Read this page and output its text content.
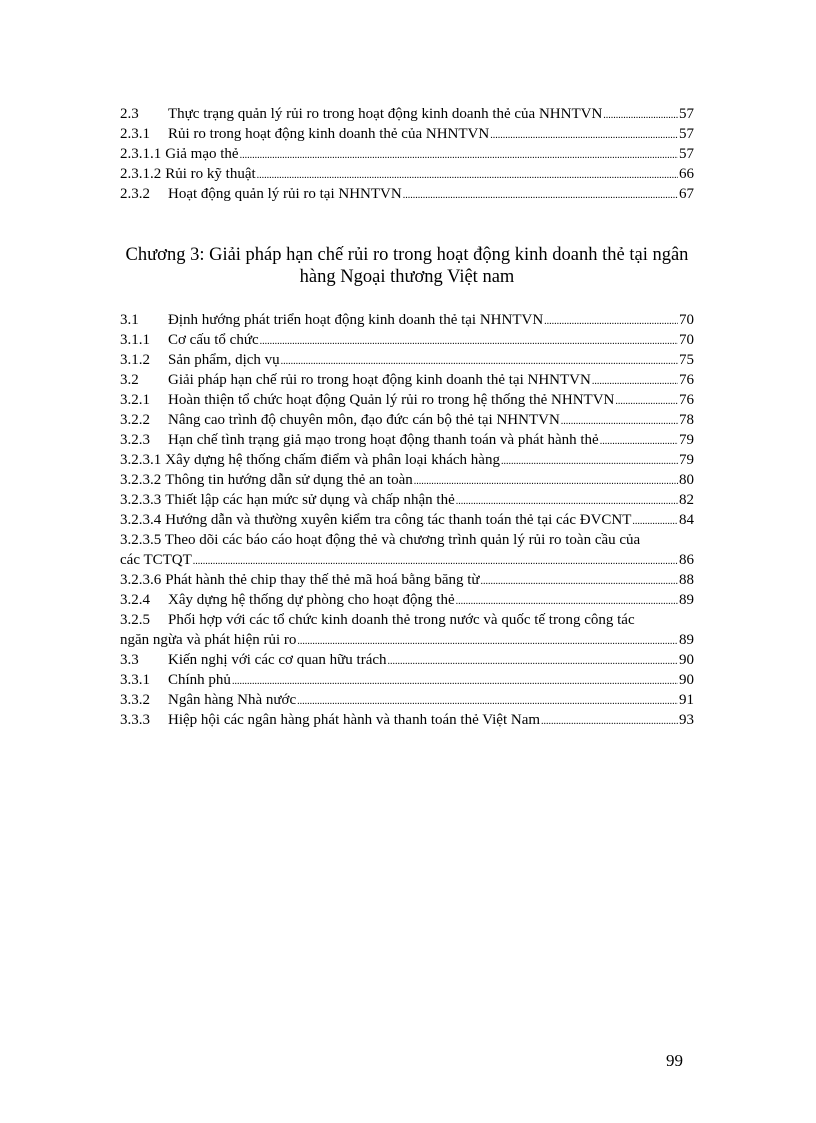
2.3	Thực trạng quản lý rủi ro trong hoạt động kinh doanh thẻ của NHNTVN .....	57
2.3.1	Rủi ro trong hoạt động kinh doanh thẻ của NHNTVN .....	57
2.3.1.1 Giả mạo thẻ .....	57
2.3.1.2 Rủi ro kỹ thuật .....	66
2.3.2	Hoạt động quản lý rủi ro tại NHNTVN .....	67
Chương 3: Giải pháp hạn chế rủi ro trong hoạt động kinh doanh thẻ tại ngân
hàng Ngoại thương Việt nam
3.1	Định hướng phát triển hoạt động kinh doanh thẻ tại NHNTVN .....	70
3.1.1	Cơ cấu tổ chức .....	70
3.1.2	Sản phẩm, dịch vụ .....	75
3.2	Giải pháp hạn chế rủi ro trong hoạt động kinh doanh thẻ tại NHNTVN .....	76
3.2.1	Hoàn thiện tổ chức hoạt động Quản lý rủi ro trong hệ thống thẻ NHNTVN .....	76
3.2.2	Nâng cao trình độ chuyên môn, đạo đức cán bộ thẻ tại NHNTVN .....	78
3.2.3	Hạn chế tình trạng giả mạo trong hoạt động thanh toán và phát hành thẻ .....	79
3.2.3.1 Xây dựng hệ thống chấm điểm và phân loại khách hàng .....	79
3.2.3.2 Thông tin hướng dẫn sử dụng thẻ an toàn .....	80
3.2.3.3 Thiết lập các hạn mức sử dụng và chấp nhận thẻ .....	82
3.2.3.4 Hướng dẫn và thường xuyên kiểm tra công tác thanh toán thẻ tại các ĐVCNT .....	84
3.2.3.5 Theo dõi các báo cáo hoạt động thẻ và chương trình quản lý rủi ro toàn cầu của
các TCTQT .....	86
3.2.3.6 Phát hành thẻ chip thay thế thẻ mã hoá bằng băng từ .....	88
3.2.4	Xây dựng hệ thống dự phòng cho hoạt động thẻ .....	89
3.2.5 Phối hợp với các tổ chức kinh doanh thẻ trong nước và quốc tế trong công tác
ngăn ngừa và phát hiện rủi ro .....	89
3.3	Kiến nghị với các cơ quan hữu trách .....	90
3.3.1	Chính phủ .....	90
3.3.2	Ngân hàng Nhà nước .....	91
3.3.3	Hiệp hội các ngân hàng phát hành và thanh toán thẻ Việt Nam .....	93
99
